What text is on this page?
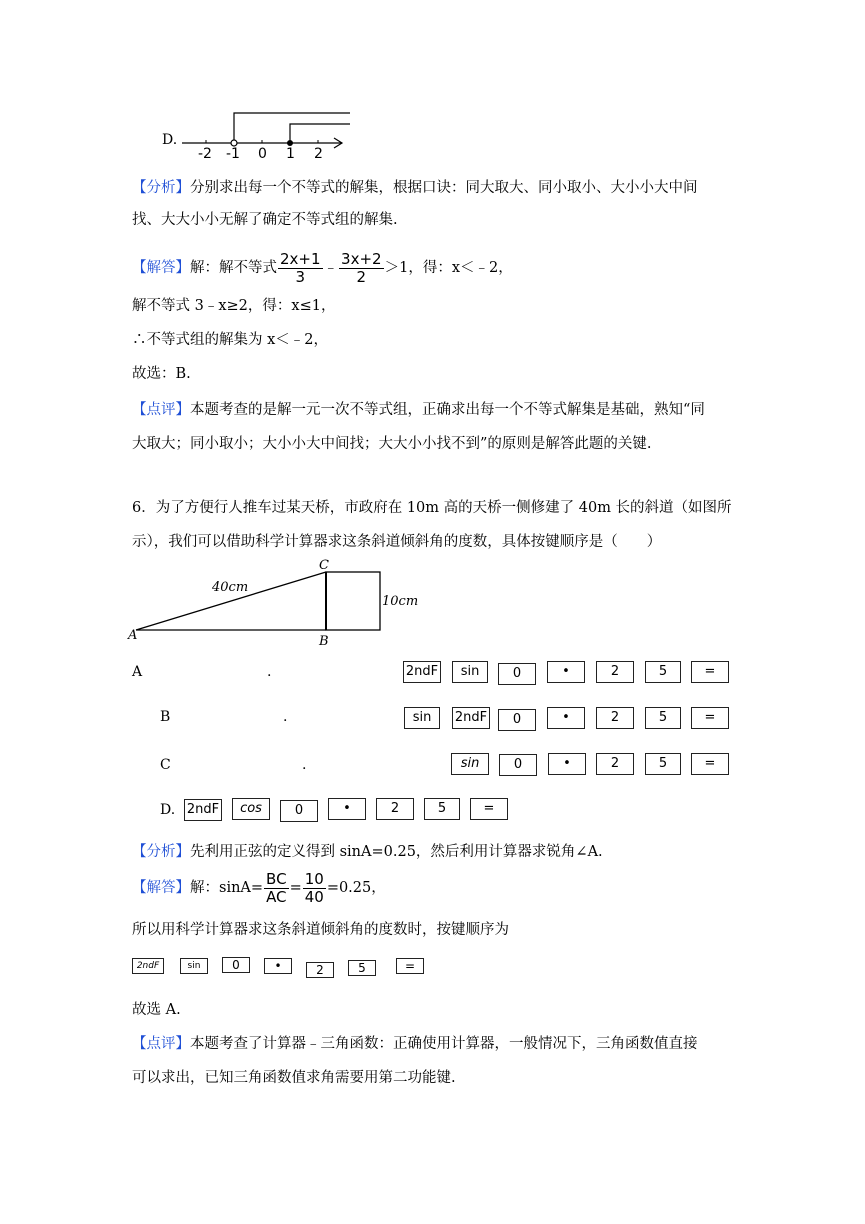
D.
-2 -1 0 1 2
【分析】分别求出每一个不等式的解集，根据口诀：同大取大、同小取小、大小小大中间
找、大大小小无解了确定不等式组的解集.
【解答】解：解不等式 $\frac{2x+1}{3}$ ﹣ $\frac{3x+2}{2} >1$，得：x＜﹣2，
解不等式 3﹣x≥2，得：x≤1，
∴不等式组的解集为 x＜﹣2，
故选：B.
【点评】本题考查的是解一元一次不等式组，正确求出每一个不等式解集是基础，熟知“同
大取大；同小取小；大小小大中间找；大大小小找不到”的原则是解答此题的关键.
6．为了方便行人推车过某天桥，市政府在 10m 高的天桥一侧修建了 40m 长的斜道（如图所
示），我们可以借助科学计算器求这条斜道倾斜角的度数，具体按键顺序是（　　）
40cm
10cm
A	B
C
A	.	2ndF	sin	0	•	2	5	=
B	.	sin	2ndF	0	•	2	5	=
C	.	sin	0	•	2	5	=
D. 2ndF	cos	0	•	2	5	=
【分析】先利用正弦的定义得到 sinA=0.25，然后利用计算器求锐角∠A.
【解答】解：$\sin A= \frac{BC}{AC} = \frac{10}{40} =0.25$，
所以用科学计算器求这条斜道倾斜角的度数时，按键顺序为
2ndF	sin	0	•	2	5	=
故选 A.
【点评】本题考查了计算器﹣三角函数：正确使用计算器，一般情况下，三角函数值直接
可以求出，已知三角函数值求角需要用第二功能键.
